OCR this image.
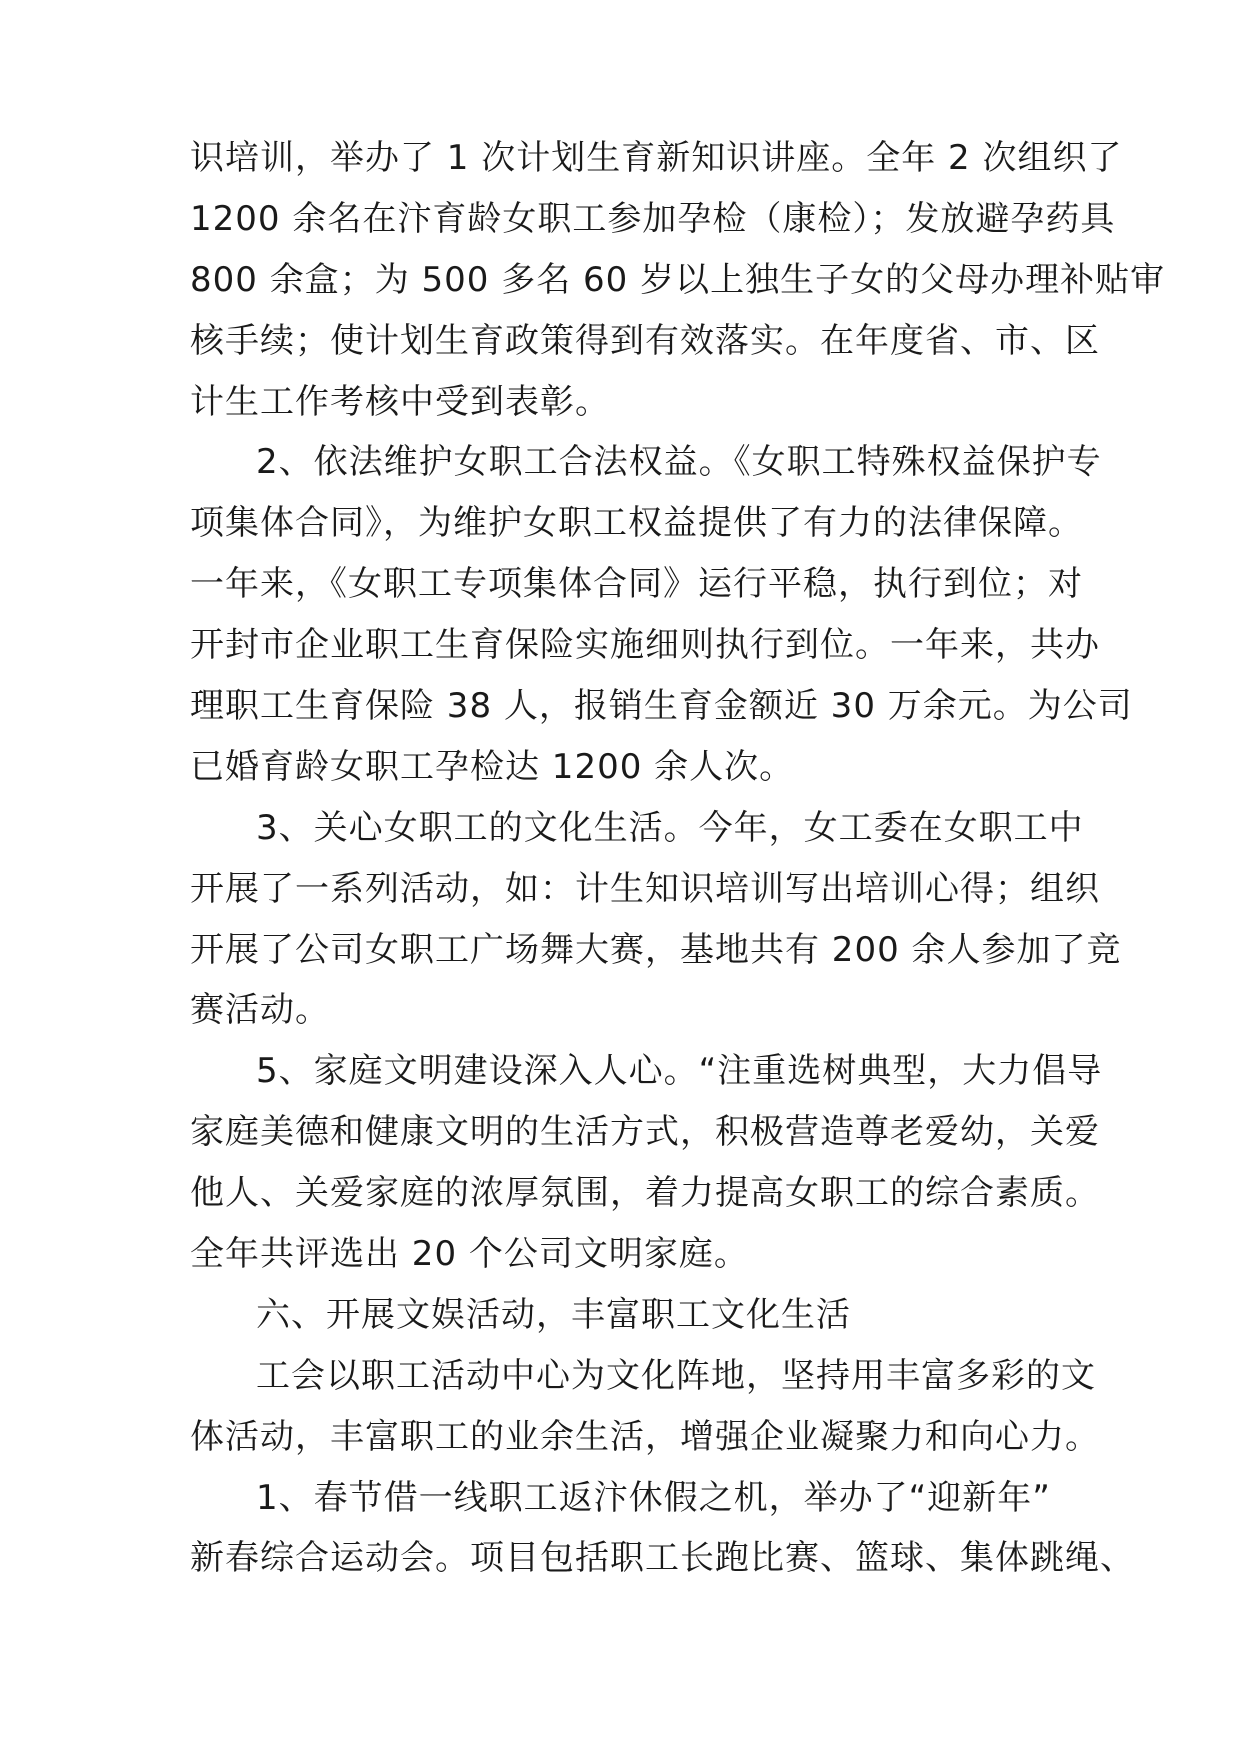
识培训，举办了 1 次计划生育新知识讲座。全年 2 次组织了
1200 余名在汴育龄女职工参加孕检（康检）；发放避孕药具
800 余盒；为 500 多名 60 岁以上独生子女的父母办理补贴审
核手续；使计划生育政策得到有效落实。在年度省、市、区
计生工作考核中受到表彰。
2、依法维护女职工合法权益。《女职工特殊权益保护专
项集体合同》，为维护女职工权益提供了有力的法律保障。
一年来，《女职工专项集体合同》运行平稳，执行到位；对
开封市企业职工生育保险实施细则执行到位。一年来，共办
理职工生育保险 38 人，报销生育金额近 30 万余元。为公司
已婚育龄女职工孕检达 1200 余人次。
3、关心女职工的文化生活。今年，女工委在女职工中
开展了一系列活动，如：计生知识培训写出培训心得；组织
开展了公司女职工广场舞大赛，基地共有 200 余人参加了竞
赛活动。
5、家庭文明建设深入人心。“注重选树典型，大力倡导
家庭美德和健康文明的生活方式，积极营造尊老爱幼，关爱
他人、关爱家庭的浓厚氛围，着力提高女职工的综合素质。
全年共评选出 20 个公司文明家庭。
六、开展文娱活动，丰富职工文化生活
工会以职工活动中心为文化阵地，坚持用丰富多彩的文
体活动，丰富职工的业余生活，增强企业凝聚力和向心力。
1、春节借一线职工返汴休假之机，举办了“迎新年”
新春综合运动会。项目包括职工长跑比赛、篮球、集体跳绳、
